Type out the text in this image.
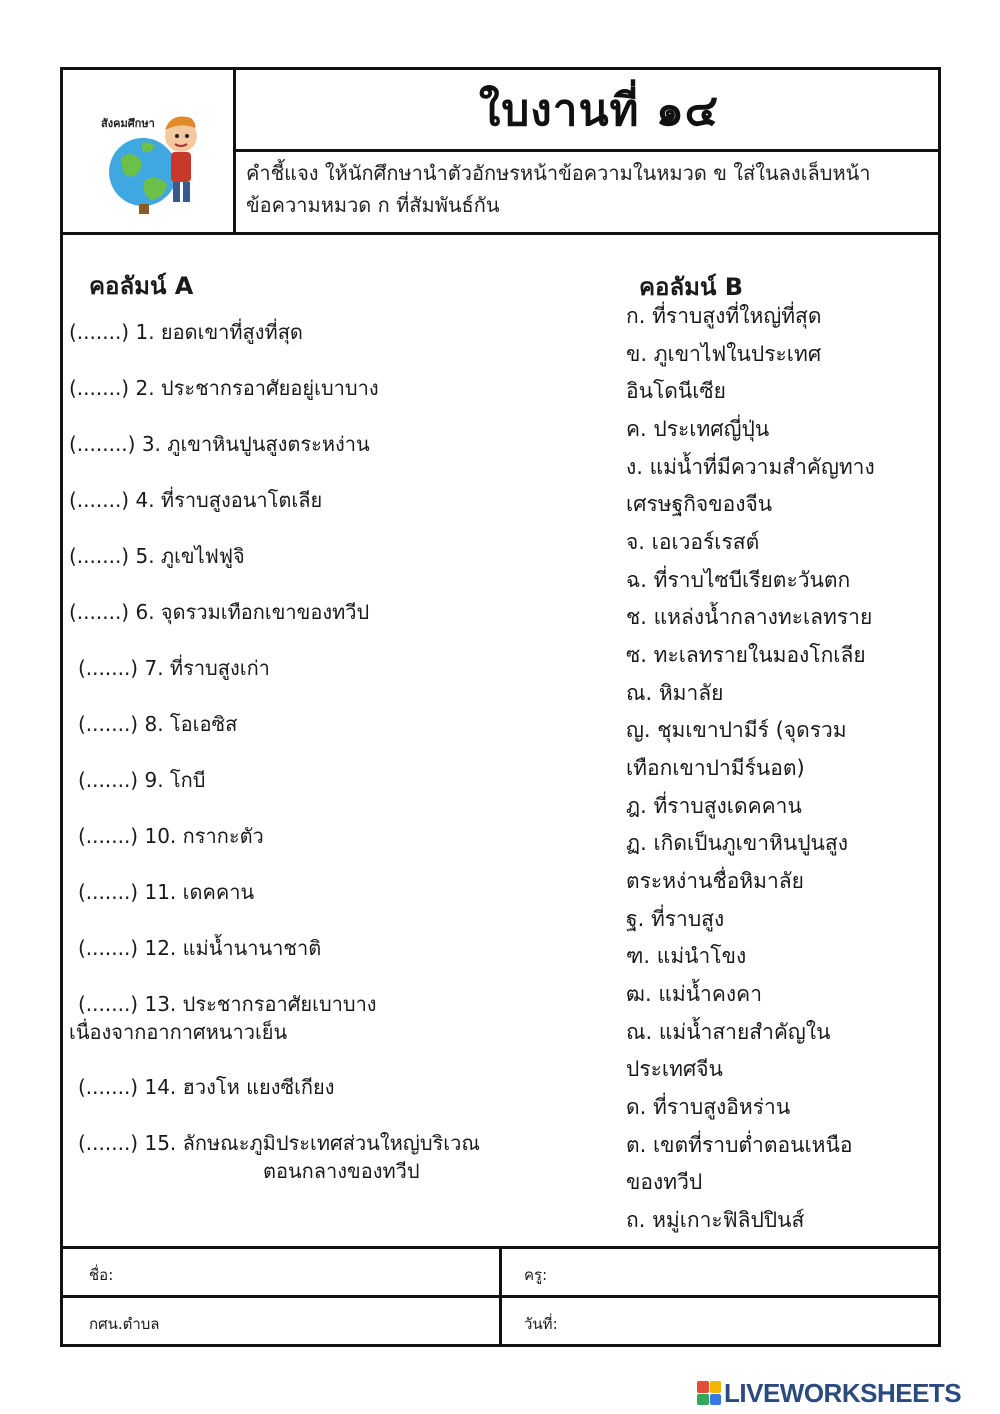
สังคมศึกษา	ใบงานที่ ๑๔
คำชี้แจง ให้นักศึกษานำตัวอักษรหน้าข้อความในหมวด ข ใส่ในลงเล็บหน้า
ข้อความหมวด ก ที่สัมพันธ์กัน
คอลัมน์ A	คอลัมน์ B
(.......) 1. ยอดเขาที่สูงที่สุด
(.......) 2. ประชากรอาศัยอยู่เบาบาง
(........) 3. ภูเขาหินปูนสูงตระหง่าน
(.......) 4. ที่ราบสูงอนาโตเลีย
(.......) 5. ภูเขไฟฟูจิ
(.......) 6. จุดรวมเทือกเขาของทวีป
(.......) 7. ที่ราบสูงเก่า
(.......) 8. โอเอซิส
(.......) 9. โกบี
(.......) 10. กรากะตัว
(.......) 11. เดคคาน
(.......) 12. แม่น้ำนานาชาติ
(.......) 13. ประชากรอาศัยเบาบาง
เนื่องจากอากาศหนาวเย็น
(.......) 14. ฮวงโห แยงซีเกียง
(.......) 15. ลักษณะภูมิประเทศส่วนใหญ่บริเวณ
ตอนกลางของทวีป
ก. ที่ราบสูงที่ใหญ่ที่สุด
ข. ภูเขาไฟในประเทศ
อินโดนีเซีย
ค. ประเทศญี่ปุ่น
ง. แม่น้ำที่มีความสำคัญทาง
เศรษฐกิจของจีน
จ. เอเวอร์เรสต์
ฉ. ที่ราบไซบีเรียตะวันตก
ช. แหล่งน้ำกลางทะเลทราย
ซ. ทะเลทรายในมองโกเลีย
ณ. หิมาลัย
ญ. ชุมเขาปามีร์ (จุดรวม
เทือกเขาปามีร์นอต)
ฎ. ที่ราบสูงเดคคาน
ฏ. เกิดเป็นภูเขาหินปูนสูง
ตระหง่านชื่อหิมาลัย
ฐ. ที่ราบสูง
ฑ. แม่นำโขง
ฒ. แม่น้ำคงคา
ณ. แม่น้ำสายสำคัญใน
ประเทศจีน
ด. ที่ราบสูงอิหร่าน
ต. เขตที่ราบต่ำตอนเหนือ
ของทวีป
ถ. หมู่เกาะฟิลิปปินส์
ชื่อ:	ครู:
กศน.ตำบล	วันที่:
LIVEWORKSHEETS
